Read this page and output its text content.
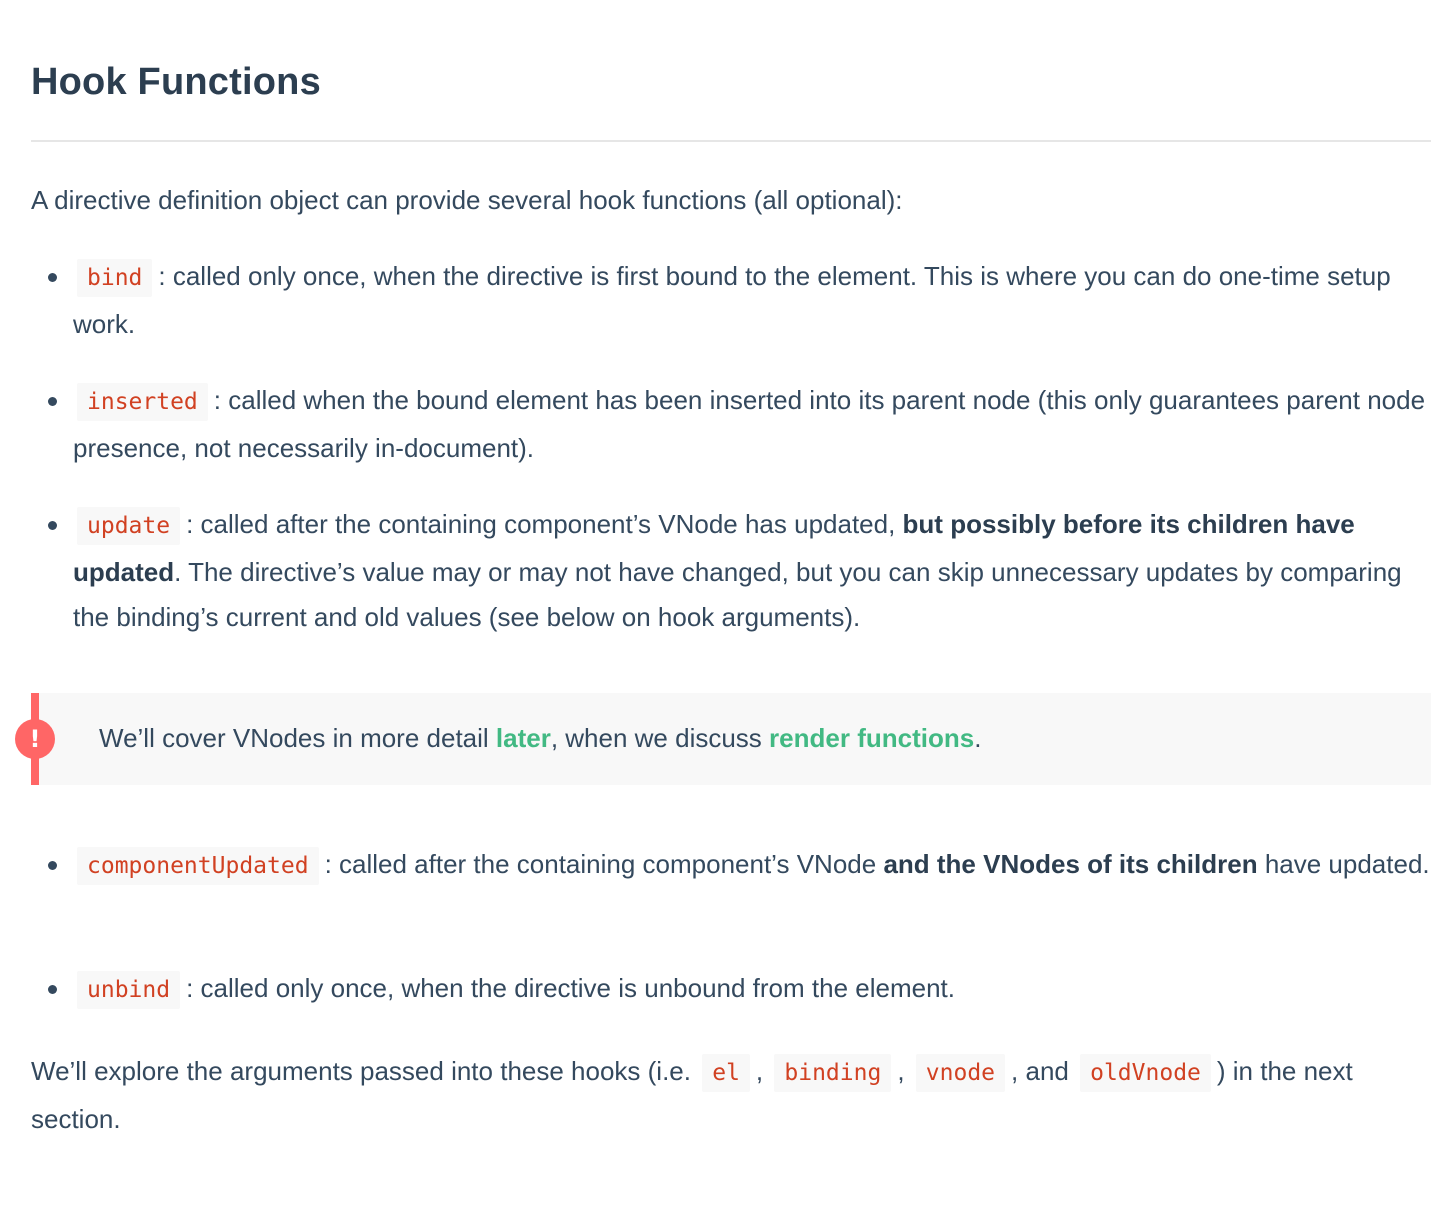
Hook Functions

A directive definition object can provide several hook functions (all optional):

bind : called only once, when the directive is first bound to the element. This is where you can do one-time setup work.
inserted : called when the bound element has been inserted into its parent node (this only guarantees parent node presence, not necessarily in-document).
update : called after the containing component’s VNode has updated, but possibly before its children have updated. The directive’s value may or may not have changed, but you can skip unnecessary updates by comparing the binding’s current and old values (see below on hook arguments).
!	We’ll cover VNodes in more detail later, when we discuss render functions.
componentUpdated : called after the containing component’s VNode and the VNodes of its children have updated.
unbind : called only once, when the directive is unbound from the element.

We’ll explore the arguments passed into these hooks (i.e. el , binding , vnode , and oldVnode ) in the next section.
